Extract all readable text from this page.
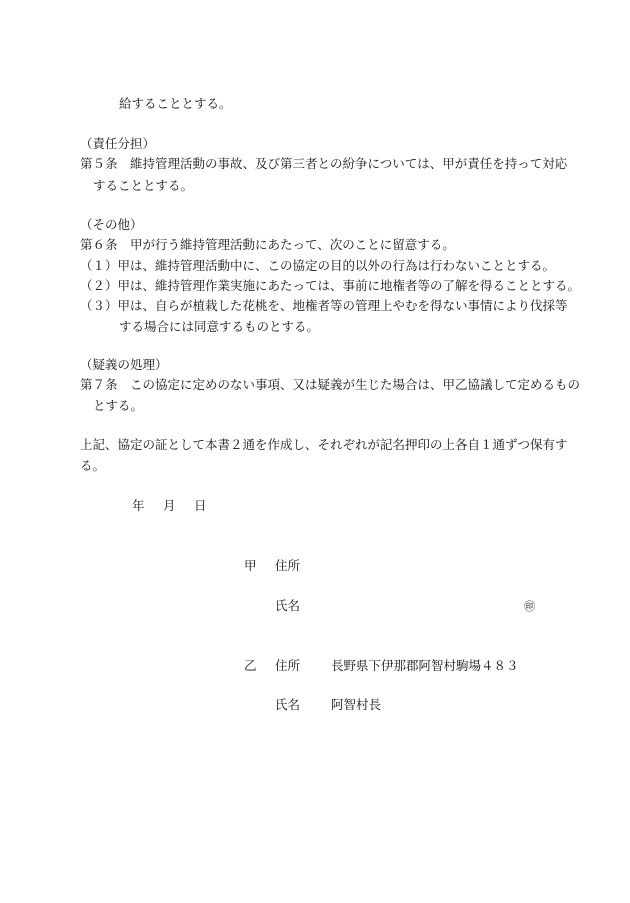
給することとする。
（責任分担）
第５条　維持管理活動の事故、及び第三者との紛争については、甲が責任を持って対応
することとする。
（その他）
第６条　甲が行う維持管理活動にあたって、次のことに留意する。
（１）甲は、維持管理活動中に、この協定の目的以外の行為は行わないこととする。
（２）甲は、維持管理作業実施にあたっては、事前に地権者等の了解を得ることとする。
（３）甲は、自らが植栽した花桃を、地権者等の管理上やむを得ない事情により伐採等
する場合には同意するものとする。
（疑義の処理）
第７条　この協定に定めのない事項、又は疑義が生じた場合は、甲乙協議して定めるもの
とする。
上記、協定の証として本書２通を作成し、それぞれが記名押印の上各自１通ずつ保有す
る。
年 月 日
甲 住所
氏名	㊞
乙 住所 長野県下伊那郡阿智村駒場４８３
氏名 阿智村長
